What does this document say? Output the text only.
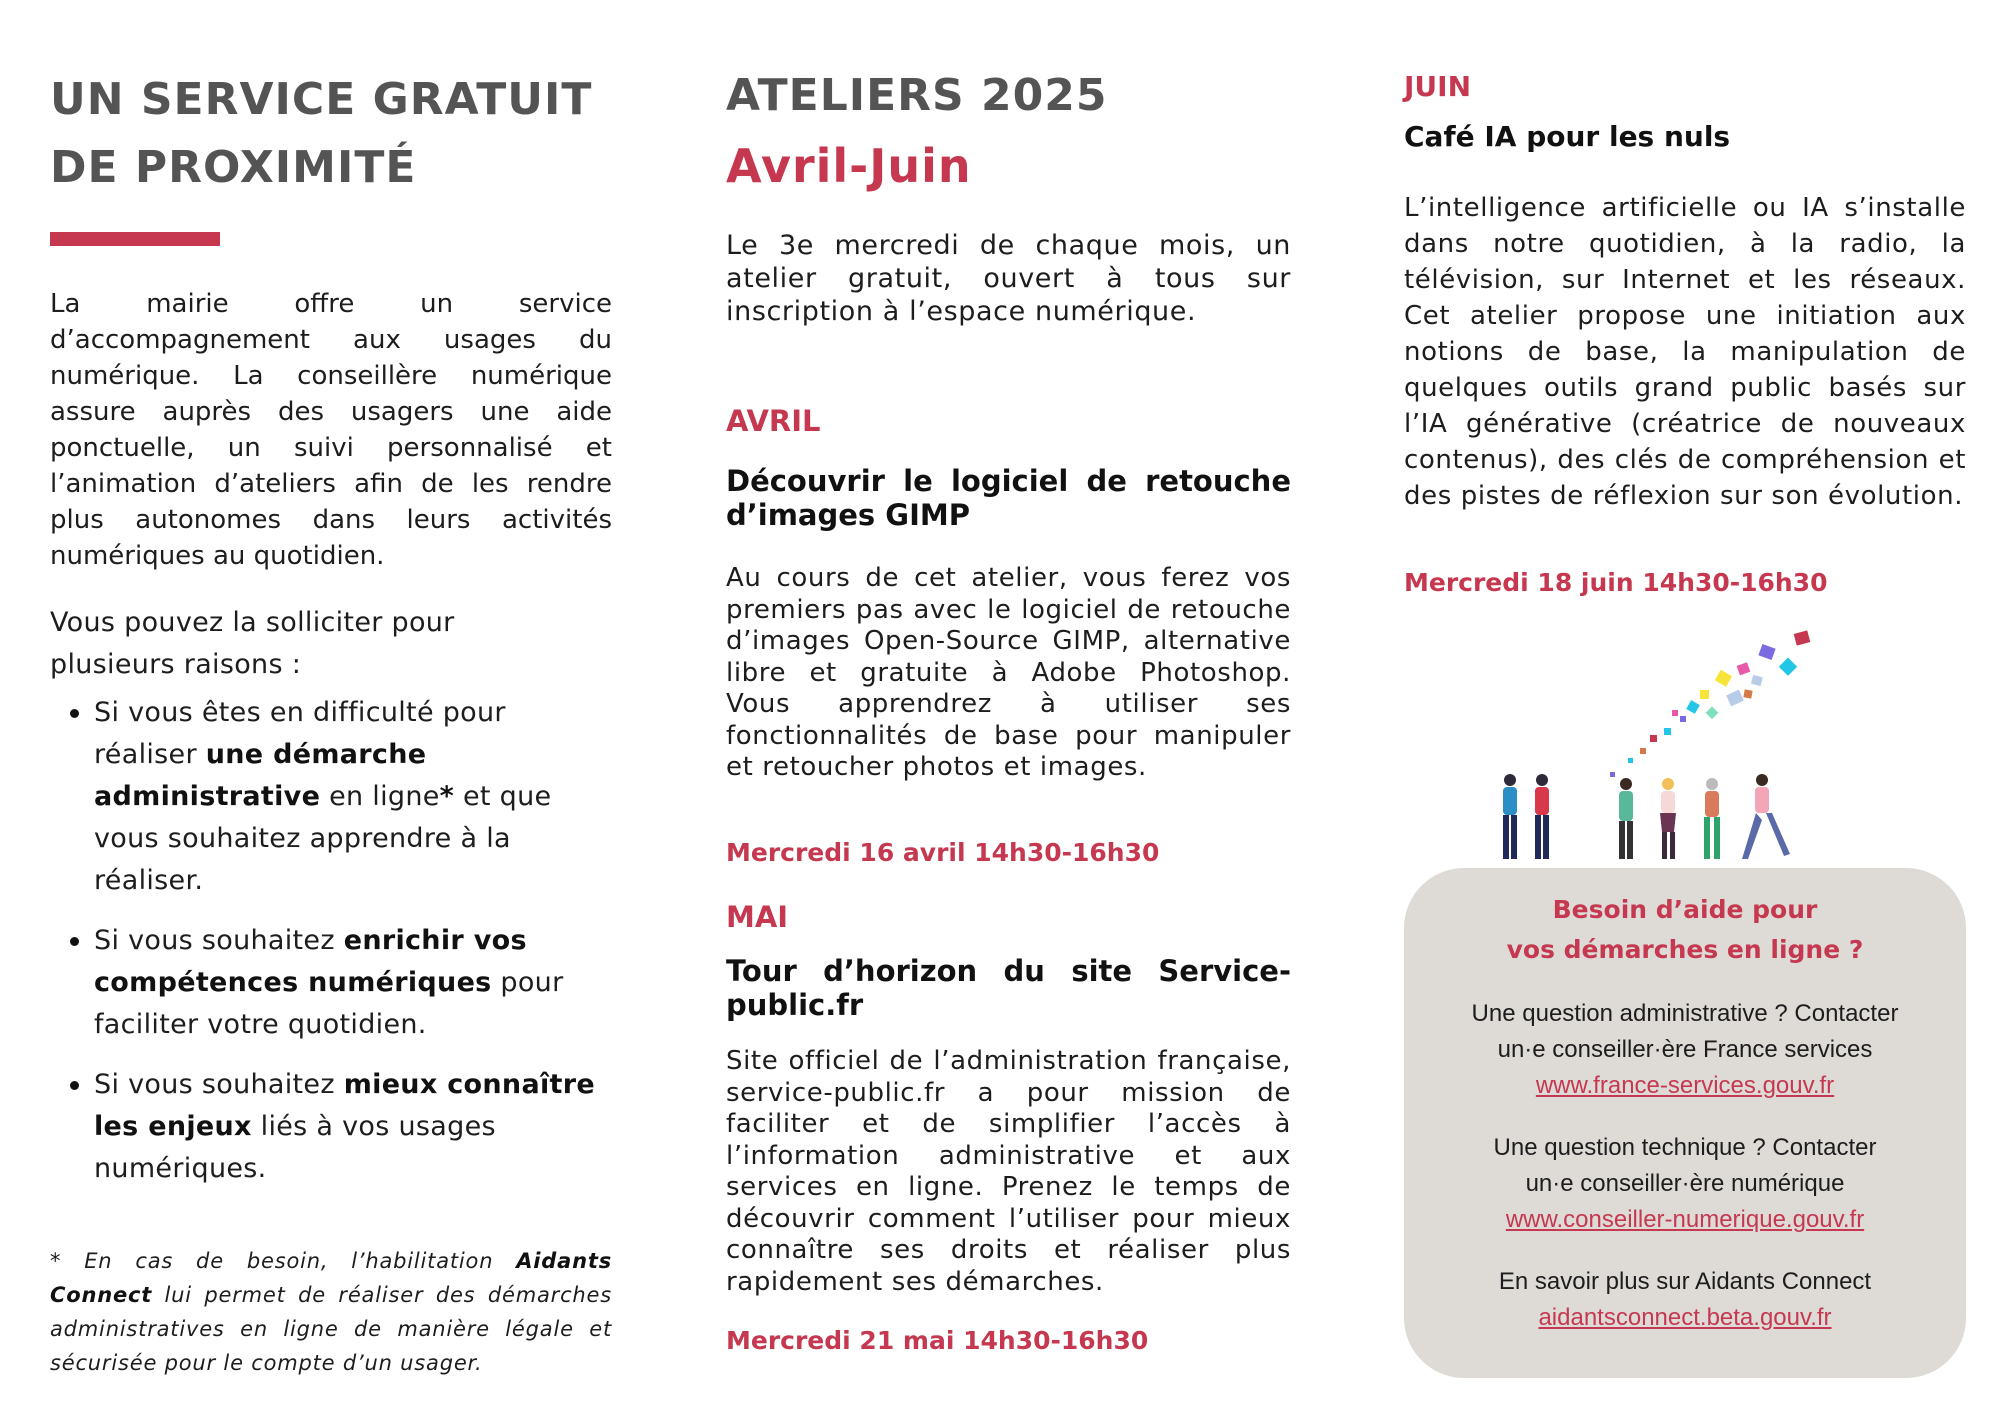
UN SERVICE GRATUIT
DE PROXIMITÉ

La mairie offre un service d’accompagnement aux usages du numérique. La conseillère numérique assure auprès des usagers une aide ponctuelle, un suivi personnalisé et l’animation d’ateliers afin de les rendre plus autonomes dans leurs activités numériques au quotidien.

Vous pouvez la solliciter pour
plusieurs raisons :
Si vous êtes en difficulté pour réaliser une démarche administrative en ligne* et que vous souhaitez apprendre à la réaliser.
Si vous souhaitez enrichir vos compétences numériques pour faciliter votre quotidien.
Si vous souhaitez mieux connaître les enjeux liés à vos usages numériques.

* En cas de besoin, l’habilitation Aidants Connect lui permet de réaliser des démarches administratives en ligne de manière légale et sécurisée pour le compte d’un usager.

ATELIERS 2025
Avril-Juin

Le 3e mercredi de chaque mois, un atelier gratuit, ouvert à tous sur inscription à l’espace numérique.

AVRIL
Découvrir le logiciel de retouche d’images GIMP

Au cours de cet atelier, vous ferez vos premiers pas avec le logiciel de retouche d’images Open-Source GIMP, alternative libre et gratuite à Adobe Photoshop. Vous apprendrez à utiliser ses fonctionnalités de base pour manipuler et retoucher photos et images.

Mercredi 16 avril 14h30-16h30
MAI
Tour d’horizon du site Service-public.fr

Site officiel de l’administration française, service-public.fr a pour mission de faciliter et de simplifier l’accès à l’information administrative et aux services en ligne. Prenez le temps de découvrir comment l’utiliser pour mieux connaître ses droits et réaliser plus rapidement ses démarches.

Mercredi 21 mai 14h30-16h30
JUIN
Café IA pour les nuls

L’intelligence artificielle ou IA s’installe dans notre quotidien, à la radio, la télévision, sur Internet et les réseaux. Cet atelier propose une initiation aux notions de base, la manipulation de quelques outils grand public basés sur l’IA générative (créatrice de nouveaux contenus), des clés de compréhension et des pistes de réflexion sur son évolution.

Mercredi 18 juin 14h30-16h30
Besoin d’aide pour
vos démarches en ligne ?
Une question administrative ? Contacter
un·e conseiller·ère France services
www.france-services.gouv.fr
Une question technique ? Contacter
un·e conseiller·ère numérique
www.conseiller-numerique.gouv.fr
En savoir plus sur Aidants Connect
aidantsconnect.beta.gouv.fr
